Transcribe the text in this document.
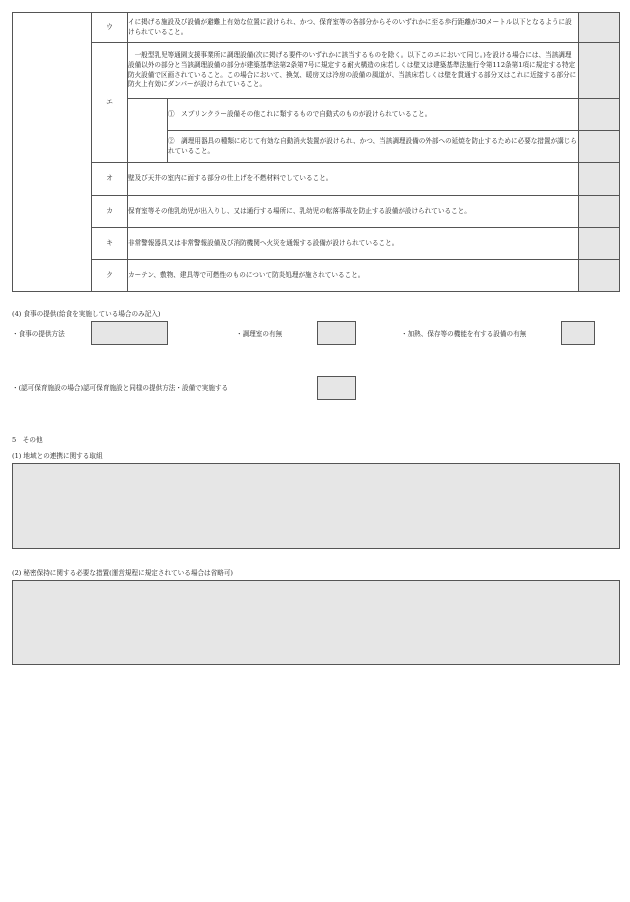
	ウ	イに掲げる施設及び設備が避難上有効な位置に設けられ、かつ、保育室等の各部分からそのいずれかに至る歩行距離が30メートル以下となるように設けられていること。		
	エ	一般型乳児等通園支援事業所に調理設備(次に掲げる要件のいずれかに該当するものを除く。以下このエにおいて同じ。)を設ける場合には、当該調理設備以外の部分と当該調理設備の部分が建築基準法第2条第7号に規定する耐火構造の床若しくは壁又は建築基準法施行令第112条第1項に規定する特定防火設備で区画されていること。この場合において、換気、暖房又は冷房の設備の風道が、当該床若しくは壁を貫通する部分又はこれに近接する部分に防火上有効にダンパーが設けられていること。		
			①　スプリンクラー設備その他これに類するもので自動式のものが設けられていること。	
			②　調理用器具の種類に応じて有効な自動消火装置が設けられ、かつ、当該調理設備の外部への延焼を防止するために必要な措置が講じられていること。	
	オ	壁及び天井の室内に面する部分の仕上げを不燃材料でしていること。		
	カ	保育室等その他乳幼児が出入りし、又は通行する場所に、乳幼児の転落事故を防止する設備が設けられていること。		
	キ	非常警報器具又は非常警報設備及び消防機関へ火災を通報する設備が設けられていること。		
	ク	カーテン、敷物、建具等で可燃性のものについて防炎処理が施されていること。		
(4) 食事の提供(給食を実施している場合のみ記入)
・食事の提供方法	・調理室の有無	・加熱、保存等の機能を有する設備の有無
・(認可保育施設の場合)認可保育施設と同様の提供方法・設備で実施する
5　その他
(1) 地域との連携に関する取組
(2) 秘密保持に関する必要な措置(運営規程に規定されている場合は省略可)
